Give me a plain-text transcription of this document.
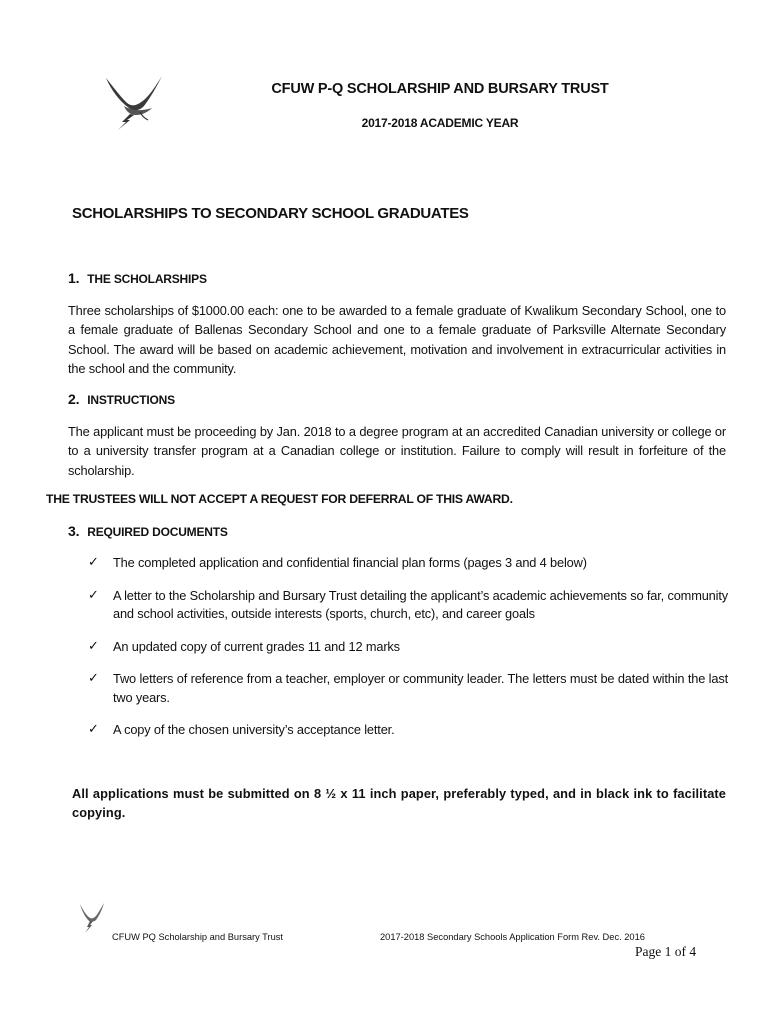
CFUW P-Q SCHOLARSHIP AND BURSARY TRUST
2017-2018 ACADEMIC YEAR
SCHOLARSHIPS TO SECONDARY SCHOOL GRADUATES
1. THE SCHOLARSHIPS
Three scholarships of $1000.00 each: one to be awarded to a female graduate of Kwalikum Secondary School, one to a female graduate of Ballenas Secondary School and one to a female graduate of Parksville Alternate Secondary School. The award will be based on academic achievement, motivation and involvement in extracurricular activities in the school and the community.
2. INSTRUCTIONS
The applicant must be proceeding by Jan. 2018 to a degree program at an accredited Canadian university or college or to a university transfer program at a Canadian college or institution. Failure to comply will result in forfeiture of the scholarship.
THE TRUSTEES WILL NOT ACCEPT A REQUEST FOR DEFERRAL OF THIS AWARD.
3. REQUIRED DOCUMENTS
✓	The completed application and confidential financial plan forms (pages 3 and 4 below)
✓	A letter to the Scholarship and Bursary Trust detailing the applicant’s academic achievements so far, community and school activities, outside interests (sports, church, etc), and career goals
✓	An updated copy of current grades 11 and 12 marks
✓	Two letters of reference from a teacher, employer or community leader. The letters must be dated within the last two years.
✓	A copy of the chosen university’s acceptance letter.
All applications must be submitted on 8 ½ x 11 inch paper, preferably typed, and in black ink to facilitate copying.
CFUW PQ Scholarship and Bursary Trust	2017-2018 Secondary Schools Application Form Rev. Dec. 2016
Page 1 of 4
